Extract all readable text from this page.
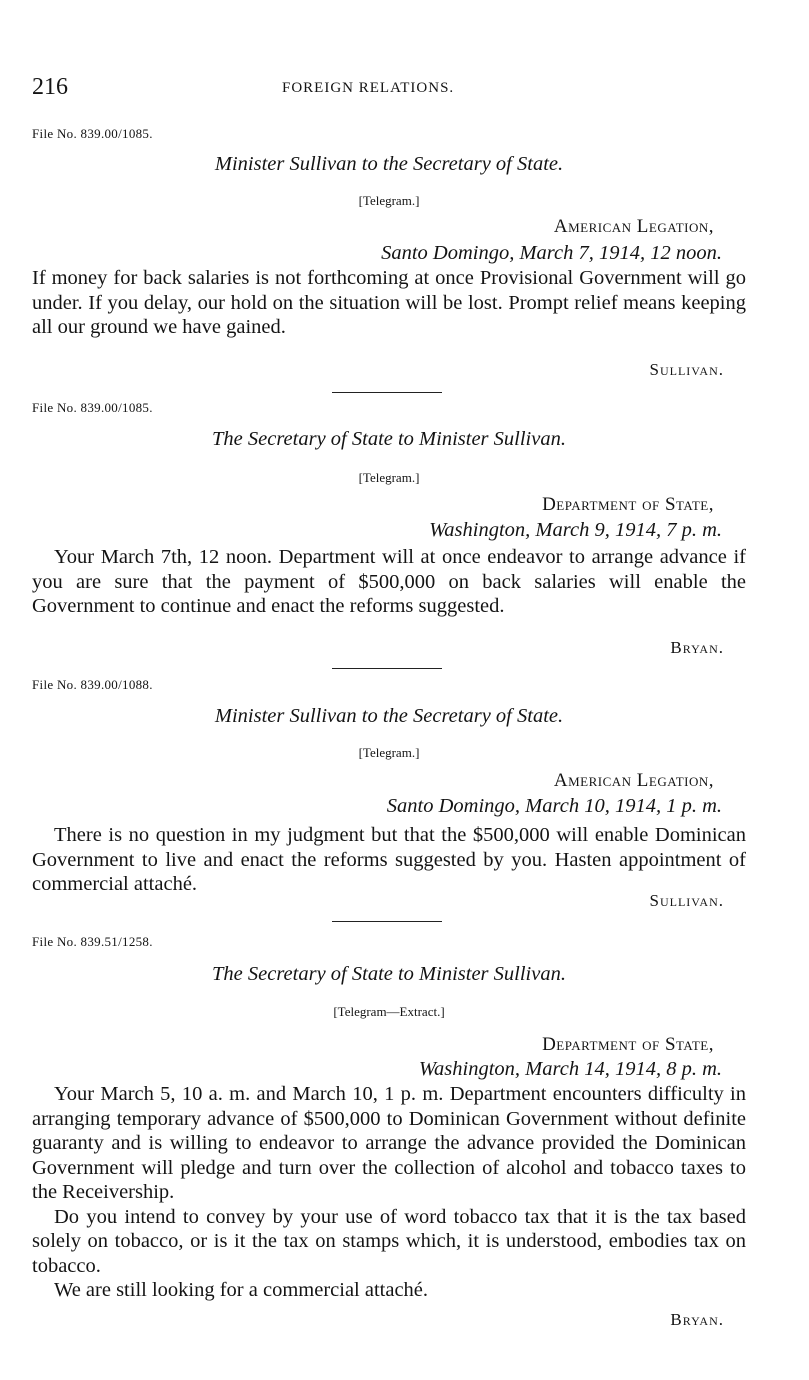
216	FOREIGN RELATIONS.
File No. 839.00/1085.
Minister Sullivan to the Secretary of State.
[Telegram.]
American Legation,
Santo Domingo, March 7, 1914, 12 noon.

If money for back salaries is not forthcoming at once Provisional Government will go under. If you delay, our hold on the situation will be lost. Prompt relief means keeping all our ground we have gained.

Sullivan.
File No. 839.00/1085.
The Secretary of State to Minister Sullivan.
[Telegram.]
Department of State,
Washington, March 9, 1914, 7 p. m.

Your March 7th, 12 noon. Department will at once endeavor to arrange advance if you are sure that the payment of $500,000 on back salaries will enable the Government to continue and enact the reforms suggested.

Bryan.
File No. 839.00/1088.
Minister Sullivan to the Secretary of State.
[Telegram.]
American Legation,
Santo Domingo, March 10, 1914, 1 p. m.

There is no question in my judgment but that the $500,000 will enable Dominican Government to live and enact the reforms suggested by you. Hasten appointment of commercial attaché.

Sullivan.
File No. 839.51/1258.
The Secretary of State to Minister Sullivan.
[Telegram—Extract.]
Department of State,
Washington, March 14, 1914, 8 p. m.

Your March 5, 10 a. m. and March 10, 1 p. m. Department encounters difficulty in arranging temporary advance of $500,000 to Dominican Government without definite guaranty and is willing to endeavor to arrange the advance provided the Dominican Government will pledge and turn over the collection of alcohol and tobacco taxes to the Receivership.

Do you intend to convey by your use of word tobacco tax that it is the tax based solely on tobacco, or is it the tax on stamps which, it is understood, embodies tax on tobacco.

We are still looking for a commercial attaché.

Bryan.
